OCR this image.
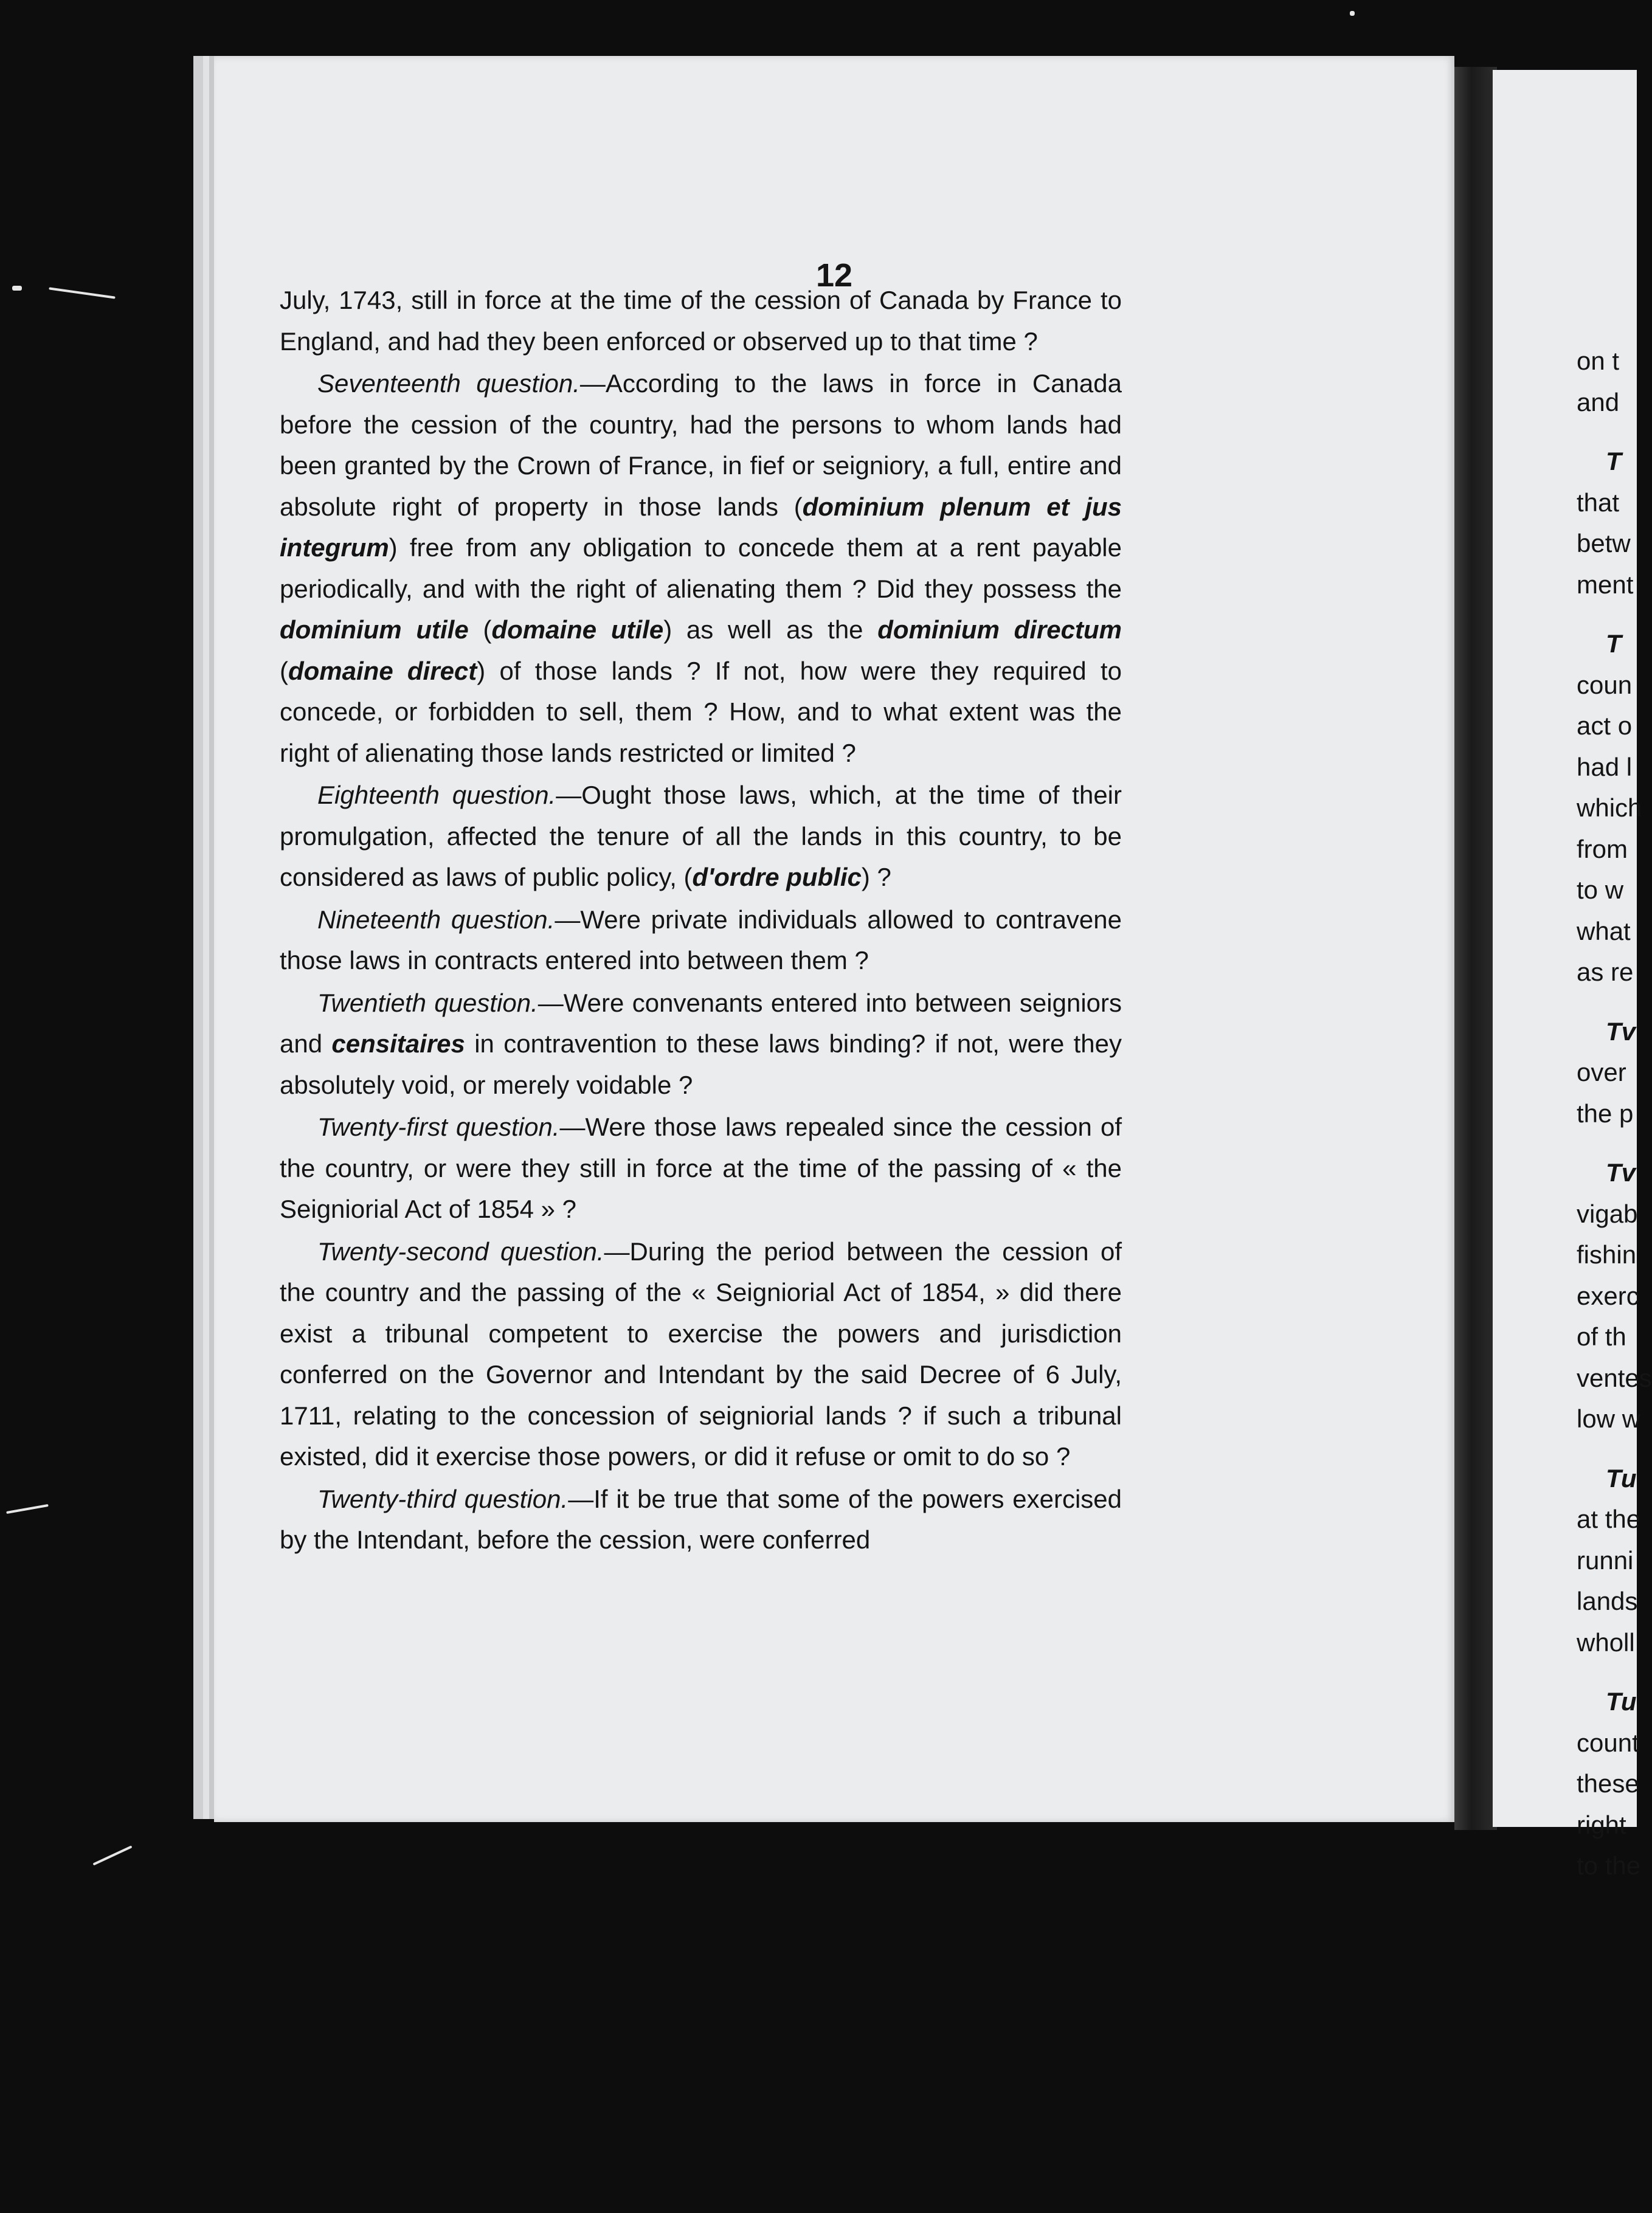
12

July, 1743, still in force at the time of the cession of Canada by France to England, and had they been enforced or observed up to that time ?

Seventeenth question.—According to the laws in force in Canada before the cession of the country, had the persons to whom lands had been granted by the Crown of France, in fief or seigniory, a full, entire and absolute right of property in those lands (dominium plenum et jus integrum) free from any obligation to concede them at a rent payable periodically, and with the right of alienating them ? Did they possess the dominium utile (domaine utile) as well as the dominium directum (domaine direct) of those lands ? If not, how were they required to concede, or forbidden to sell, them ? How, and to what extent was the right of alienating those lands restricted or limited ?

Eighteenth question.—Ought those laws, which, at the time of their promulgation, affected the tenure of all the lands in this country, to be considered as laws of public policy, (d'ordre public) ?

Nineteenth question.—Were private individuals allowed to contravene those laws in contracts entered into between them ?

Twentieth question.—Were convenants entered into between seigniors and censitaires in contravention to these laws binding? if not, were they absolutely void, or merely voidable ?

Twenty-first question.—Were those laws repealed since the cession of the country, or were they still in force at the time of the passing of « the Seigniorial Act of 1854 » ?

Twenty-second question.—During the period between the cession of the country and the passing of the « Seigniorial Act of 1854, » did there exist a tribunal competent to exercise the powers and jurisdiction conferred on the Governor and Intendant by the said Decree of 6 July, 1711, relating to the concession of seigniorial lands ? if such a tribunal existed, did it exercise those powers, or did it refuse or omit to do so ?

Twenty-third question.—If it be true that some of the powers exercised by the Intendant, before the cession, were conferred

on t
and
T
that
betw
ment
T
coun
act o
had l
which
from
to w
what
as re
Tv
over
the p
Tv
vigab
fishin
exerc
of th
ventes
low w
Tu
at the
runni
lands
wholl
Tu
count
these
right
to the
